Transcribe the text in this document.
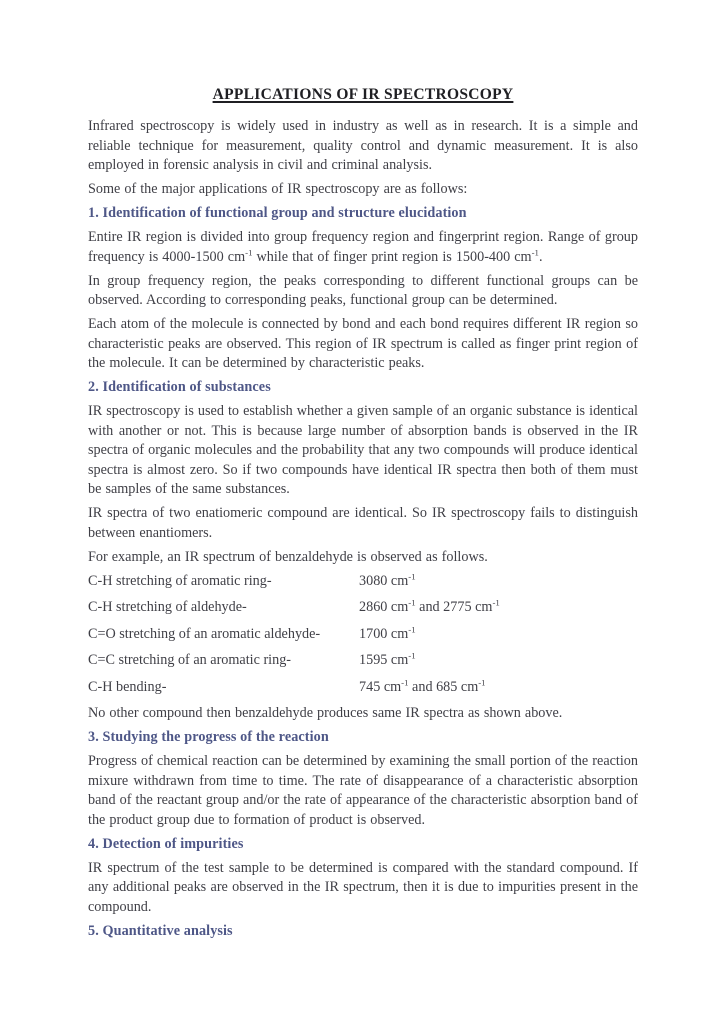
APPLICATIONS OF IR SPECTROSCOPY

Infrared spectroscopy is widely used in industry as well as in research. It is a simple and reliable technique for measurement, quality control and dynamic measurement. It is also employed in forensic analysis in civil and criminal analysis.

Some of the major applications of IR spectroscopy are as follows:

1. Identification of functional group and structure elucidation

Entire IR region is divided into group frequency region and fingerprint region. Range of group frequency is 4000-1500 $cm^{-1}$ while that of finger print region is 1500-400 $cm^{-1}$.

In group frequency region, the peaks corresponding to different functional groups can be observed. According to corresponding peaks, functional group can be determined.

Each atom of the molecule is connected by bond and each bond requires different IR region so characteristic peaks are observed. This region of IR spectrum is called as finger print region of the molecule. It can be determined by characteristic peaks.

2. Identification of substances

IR spectroscopy is used to establish whether a given sample of an organic substance is identical with another or not. This is because large number of absorption bands is observed in the IR spectra of organic molecules and the probability that any two compounds will produce identical spectra is almost zero. So if two compounds have identical IR spectra then both of them must be samples of the same substances.

IR spectra of two enatiomeric compound are identical. So IR spectroscopy fails to distinguish between enantiomers.

For example, an IR spectrum of benzaldehyde is observed as follows.

C-H stretching of aromatic ring-	3080 $cm^{-1}$
C-H stretching of aldehyde-	2860 $cm^{-1}$ and 2775 $cm^{-1}$
C=O stretching of an aromatic aldehyde-	1700 $cm^{-1}$
C=C stretching of an aromatic ring-	1595 $cm^{-1}$
C-H bending-	745 $cm^{-1}$ and 685 $cm^{-1}$

No other compound then benzaldehyde produces same IR spectra as shown above.

3. Studying the progress of the reaction

Progress of chemical reaction can be determined by examining the small portion of the reaction mixure withdrawn from time to time. The rate of disappearance of a characteristic absorption band of the reactant group and/or the rate of appearance of the characteristic absorption band of the product group due to formation of product is observed.

4. Detection of impurities

IR spectrum of the test sample to be determined is compared with the standard compound. If any additional peaks are observed in the IR spectrum, then it is due to impurities present in the compound.

5. Quantitative analysis
